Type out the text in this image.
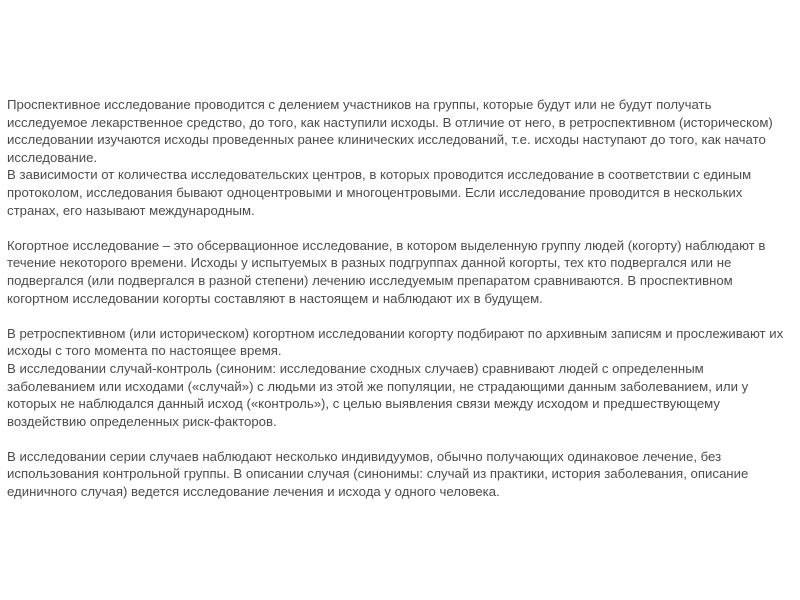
Проспективное исследование проводится с делением участников на группы, которые будут или не будут получать исследуемое лекарственное средство, до того, как наступили исходы. В отличие от него, в ретроспективном (историческом) исследовании изучаются исходы проведенных ранее клинических исследований, т.е. исходы наступают до того, как начато исследование.

В зависимости от количества исследовательских центров, в которых проводится исследование в соответствии с единым протоколом, исследования бывают одноцентровыми и многоцентровыми. Если исследование проводится в нескольких странах, его называют международным.

Когортное исследование – это обсервационное исследование, в котором выделенную группу людей (когорту) наблюдают в течение некоторого времени. Исходы у испытуемых в разных подгруппах данной когорты, тех кто подвергался или не подвергался (или подвергался в разной степени) лечению исследуемым препаратом сравниваются. В проспективном когортном исследовании когорты составляют в настоящем и наблюдают их в будущем.

В ретроспективном (или историческом) когортном исследовании когорту подбирают по архивным записям и прослеживают их исходы с того момента по настоящее время.

В исследовании случай-контроль (синоним: исследование сходных случаев) сравнивают людей с определенным заболеванием или исходами («случай») с людьми из этой же популяции, не страдающими данным заболеванием, или у которых не наблюдался данный исход («контроль»), с целью выявления связи между исходом и предшествующему воздействию определенных риск-факторов.

В исследовании серии случаев наблюдают несколько индивидуумов, обычно получающих одинаковое лечение, без использования контрольной группы. В описании случая (синонимы: случай из практики, история заболевания, описание единичного случая) ведется исследование лечения и исхода у одного человека.
